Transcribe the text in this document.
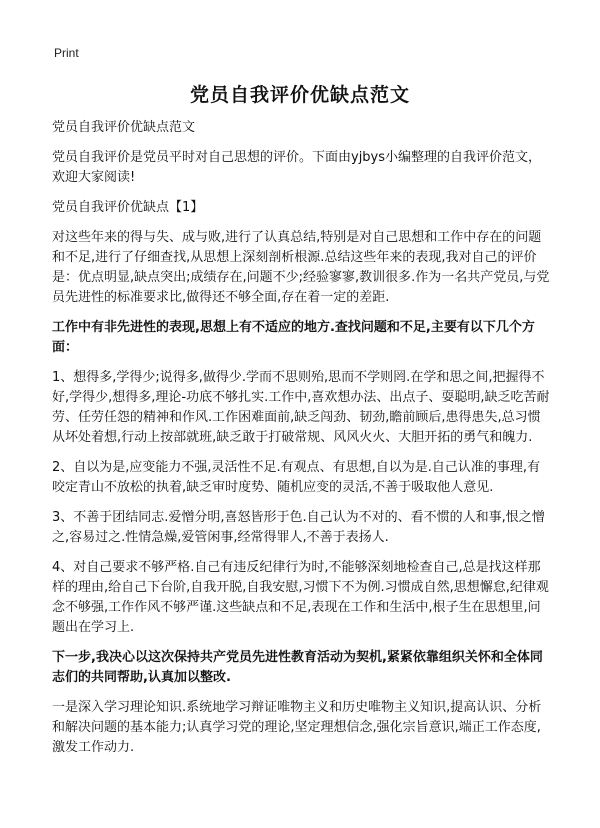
Print
党员自我评价优缺点范文

党员自我评价优缺点范文

党员自我评价是党员平时对自己思想的评价。下面由yjbys小编整理的自我评价范文，欢迎大家阅读!

党员自我评价优缺点【1】

对这些年来的得与失、成与败,进行了认真总结,特别是对自己思想和工作中存在的问题和不足,进行了仔细查找,从思想上深刻剖析根源.总结这些年来的表现,我对自己的评价是：优点明显,缺点突出;成绩存在,问题不少;经验寥寥,教训很多.作为一名共产党员,与党员先进性的标准要求比,做得还不够全面,存在着一定的差距.

工作中有非先进性的表现,思想上有不适应的地方.查找问题和不足,主要有以下几个方面：

1、想得多,学得少;说得多,做得少.学而不思则殆,思而不学则罔.在学和思之间,把握得不好,学得少,想得多,理论-功底不够扎实.工作中,喜欢想办法、出点子、耍聪明,缺乏吃苦耐劳、任劳任怨的精神和作风.工作困难面前,缺乏闯劲、韧劲,瞻前顾后,患得患失,总习惯从坏处着想,行动上按部就班,缺乏敢于打破常规、风风火火、大胆开拓的勇气和魄力.

2、自以为是,应变能力不强,灵活性不足.有观点、有思想,自以为是.自己认准的事理,有咬定青山不放松的执着,缺乏审时度势、随机应变的灵活,不善于吸取他人意见.

3、不善于团结同志.爱憎分明,喜怒皆形于色.自己认为不对的、看不惯的人和事,恨之憎之,容易过之.性情急燥,爱管闲事,经常得罪人,不善于表扬人.

4、对自己要求不够严格.自己有违反纪律行为时,不能够深刻地检查自己,总是找这样那样的理由,给自己下台阶,自我开脱,自我安慰,习惯下不为例.习惯成自然,思想懈怠,纪律观念不够强,工作作风不够严谨.这些缺点和不足,表现在工作和生活中,根子生在思想里,问题出在学习上.

下一步,我决心以这次保持共产党员先进性教育活动为契机,紧紧依靠组织关怀和全体同志们的共同帮助,认真加以整改.

一是深入学习理论知识.系统地学习辩证唯物主义和历史唯物主义知识,提高认识、分析和解决问题的基本能力;认真学习党的理论,坚定理想信念,强化宗旨意识,端正工作态度,激发工作动力.
